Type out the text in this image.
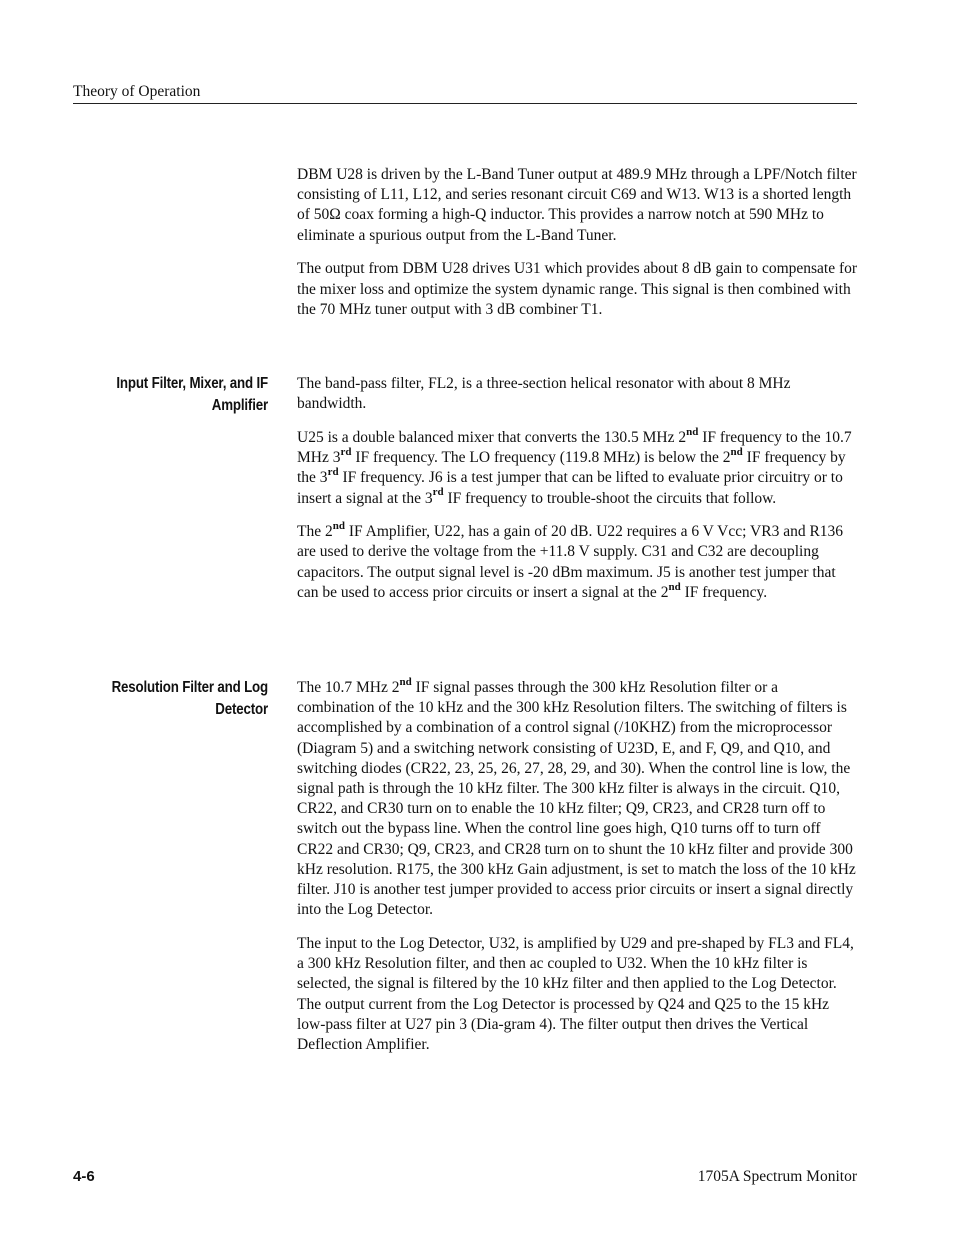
Theory of Operation

DBM U28 is driven by the L-Band Tuner output at 489.9 MHz through a LPF/Notch filter consisting of L11, L12, and series resonant circuit C69 and W13. W13 is a shorted length of 50Ω coax forming a high-Q inductor. This provides a narrow notch at 590 MHz to eliminate a spurious output from the L-Band Tuner.

The output from DBM U28 drives U31 which provides about 8 dB gain to compensate for the mixer loss and optimize the system dynamic range. This signal is then combined with the 70 MHz tuner output with 3 dB combiner T1.

Input Filter, Mixer, and IF
Amplifier

The band-pass filter, FL2, is a three-section helical resonator with about 8 MHz bandwidth.

U25 is a double balanced mixer that converts the 130.5 MHz 2nd IF frequency to the 10.7 MHz 3rd IF frequency. The LO frequency (119.8 MHz) is below the 2nd IF frequency by the 3rd IF frequency. J6 is a test jumper that can be lifted to evaluate prior circuitry or to insert a signal at the 3rd IF frequency to trouble-shoot the circuits that follow.

The 2nd IF Amplifier, U22, has a gain of 20 dB. U22 requires a 6 V Vcc; VR3 and R136 are used to derive the voltage from the +11.8 V supply. C31 and C32 are decoupling capacitors. The output signal level is -20 dBm maximum. J5 is another test jumper that can be used to access prior circuits or insert a signal at the 2nd IF frequency.

Resolution Filter and Log
Detector

The 10.7 MHz 2nd IF signal passes through the 300 kHz Resolution filter or a combination of the 10 kHz and the 300 kHz Resolution filters. The switching of filters is accomplished by a combination of a control signal (/10KHZ) from the microprocessor (Diagram 5) and a switching network consisting of U23D, E, and F, Q9, and Q10, and switching diodes (CR22, 23, 25, 26, 27, 28, 29, and 30). When the control line is low, the signal path is through the 10 kHz filter. The 300 kHz filter is always in the circuit. Q10, CR22, and CR30 turn on to enable the 10 kHz filter; Q9, CR23, and CR28 turn off to switch out the bypass line. When the control line goes high, Q10 turns off to turn off CR22 and CR30; Q9, CR23, and CR28 turn on to shunt the 10 kHz filter and provide 300 kHz resolution. R175, the 300 kHz Gain adjustment, is set to match the loss of the 10 kHz filter. J10 is another test jumper provided to access prior circuits or insert a signal directly into the Log Detector.

The input to the Log Detector, U32, is amplified by U29 and pre-shaped by FL3 and FL4, a 300 kHz Resolution filter, and then ac coupled to U32. When the 10 kHz filter is selected, the signal is filtered by the 10 kHz filter and then applied to the Log Detector. The output current from the Log Detector is processed by Q24 and Q25 to the 15 kHz low-pass filter at U27 pin 3 (Dia-gram 4). The filter output then drives the Vertical Deflection Amplifier.

4-6	1705A Spectrum Monitor
